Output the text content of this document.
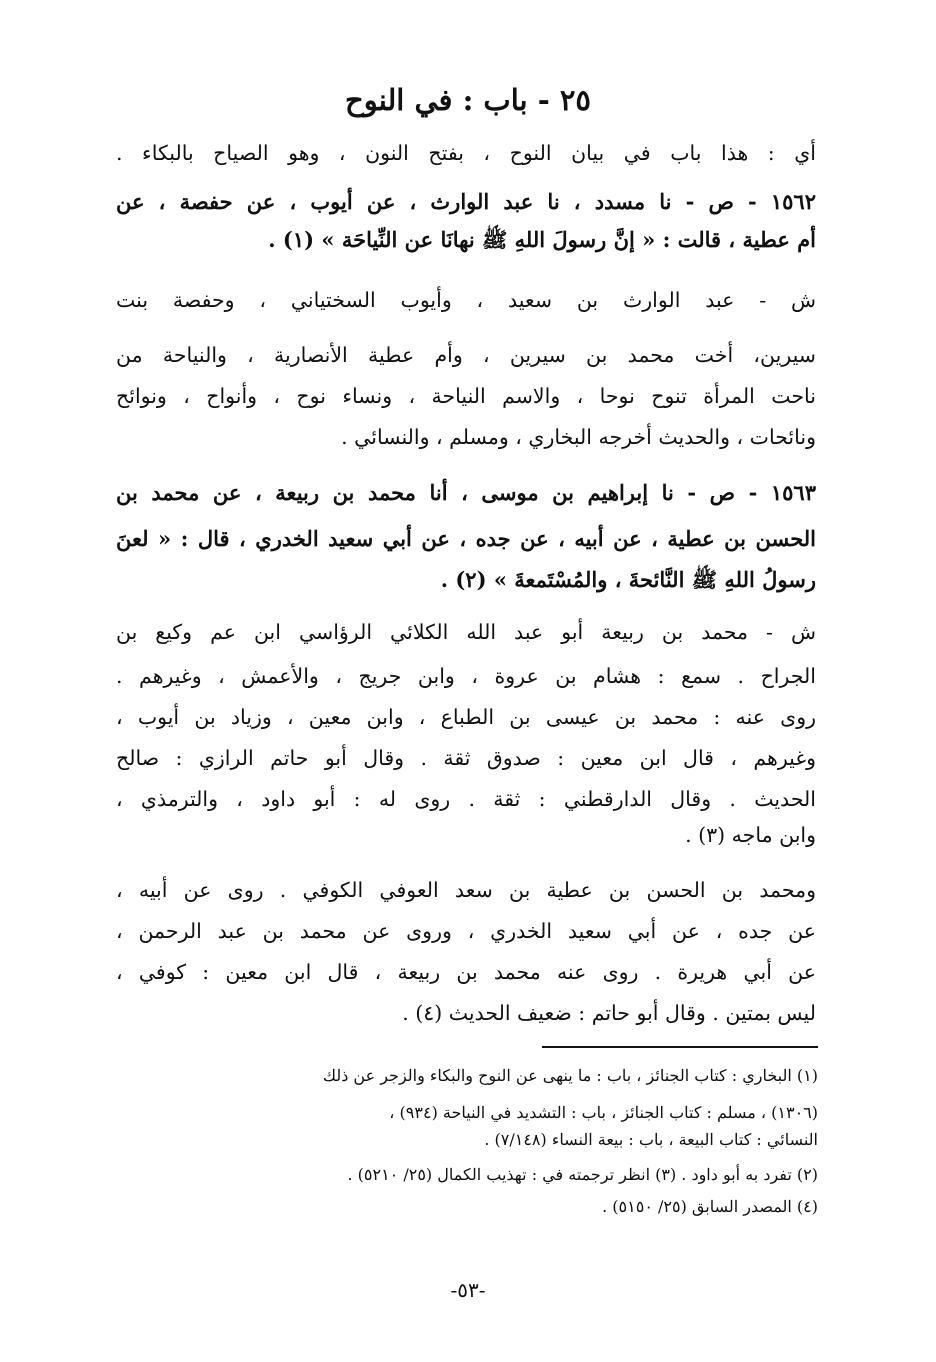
٢٥ - باب : في النوح
أي : هذا باب في بيان النوح ، بفتح النون ، وهو الصياح بالبكاء .
١٥٦٢ - ص - نا مسدد ، نا عبد الوارث ، عن أيوب ، عن حفصة ، عن
أم عطية ، قالت : « إنَّ رسولَ اللهِ ﷺ نهانَا عن النِّياحَة » (١) .
ش - عبد الوارث بن سعيد ، وأيوب السختياني ، وحفصة بنت
سيرين، أخت محمد بن سيرين ، وأم عطية الأنصارية ، والنياحة من
ناحت المرأة تنوح نوحا ، والاسم النياحة ، ونساء نوح ، وأنواح ، ونوائح
ونائحات ، والحديث أخرجه البخاري ، ومسلم ، والنسائي .
١٥٦٣ - ص - نا إبراهيم بن موسى ، أنا محمد بن ربيعة ، عن محمد بن
الحسن بن عطية ، عن أبيه ، عن جده ، عن أبي سعيد الخدري ، قال : « لعنَ
رسولُ اللهِ ﷺ النَّائحةَ ، والمُسْتَمعةَ » (٢) .
ش - محمد بن ربيعة أبو عبد الله الكلائي الرؤاسي ابن عم وكيع بن
الجراح . سمع : هشام بن عروة ، وابن جريج ، والأعمش ، وغيرهم .
روى عنه : محمد بن عيسى بن الطباع ، وابن معين ، وزياد بن أيوب ،
وغيرهم ، قال ابن معين : صدوق ثقة . وقال أبو حاتم الرازي : صالح
الحديث . وقال الدارقطني : ثقة . روى له : أبو داود ، والترمذي ،
وابن ماجه (٣) .
ومحمد بن الحسن بن عطية بن سعد العوفي الكوفي . روى عن أبيه ،
عن جده ، عن أبي سعيد الخدري ، وروى عن محمد بن عبد الرحمن ،
عن أبي هريرة . روى عنه محمد بن ربيعة ، قال ابن معين : كوفي ،
ليس بمتين . وقال أبو حاتم : ضعيف الحديث (٤) .
(١) البخاري : كتاب الجنائز ، باب : ما ينهى عن النوح والبكاء والزجر عن ذلك
(١٣٠٦) ، مسلم : كتاب الجنائز ، باب : التشديد في النياحة (٩٣٤) ،
النسائي : كتاب البيعة ، باب : بيعة النساء (٧/١٤٨) .
(٢) تفرد به أبو داود . (٣) انظر ترجمته في : تهذيب الكمال (٢٥/ ٥٢١٠) .
(٤) المصدر السابق (٢٥/ ٥١٥٠) .
-٥٣-
